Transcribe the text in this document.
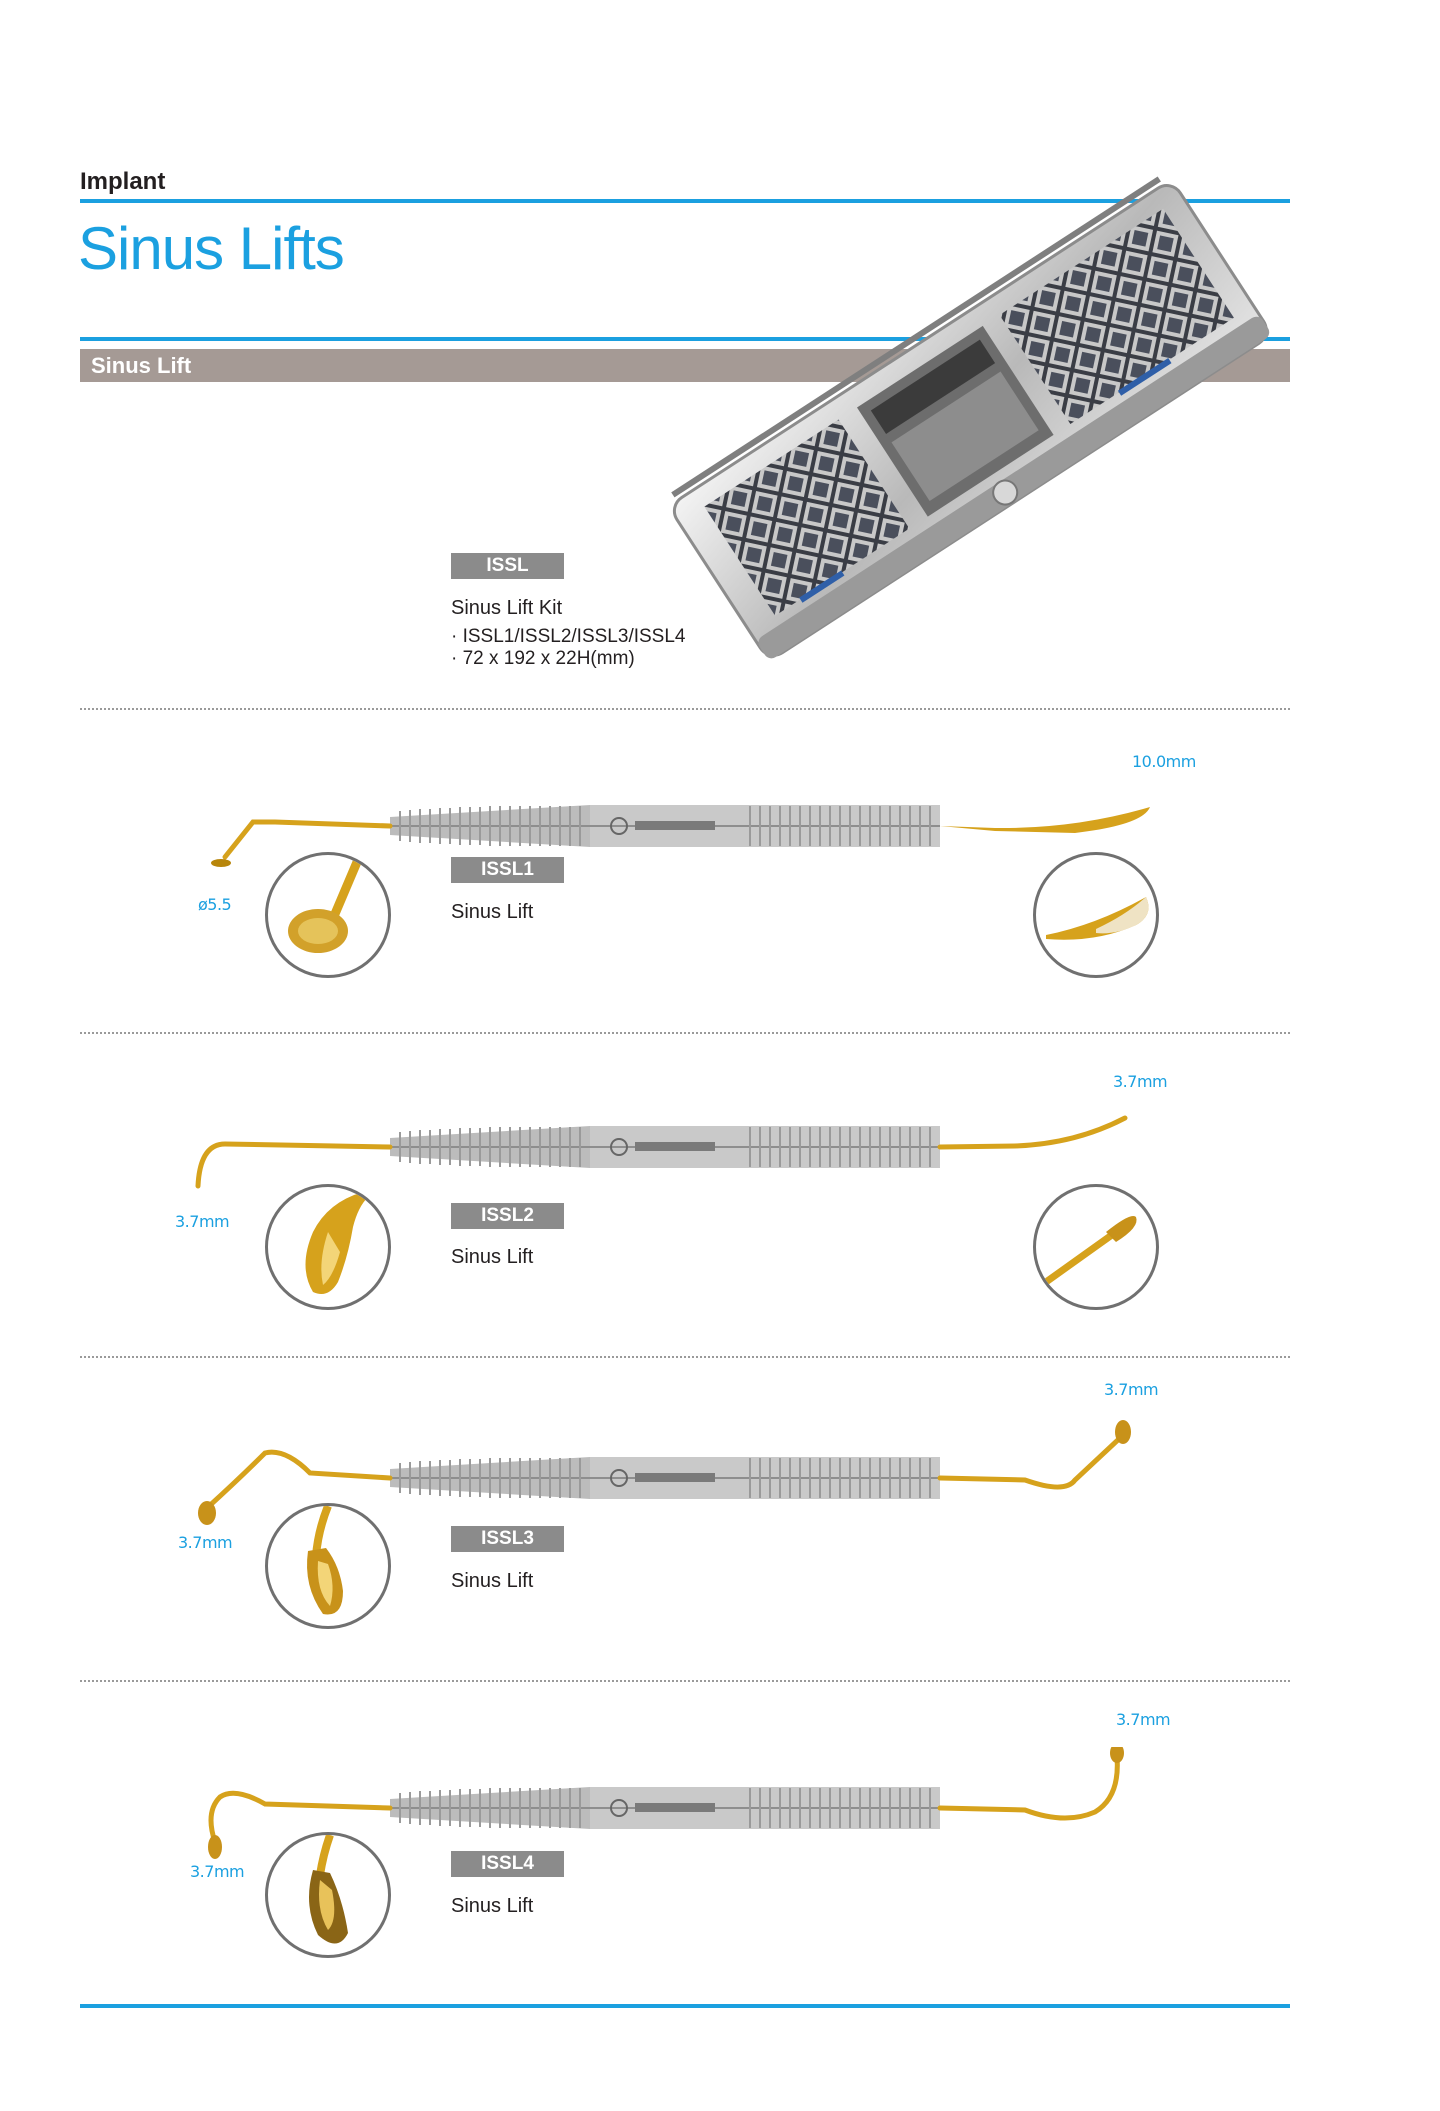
Implant
Sinus Lifts
Sinus Lift
ISSL
Sinus Lift Kit
· ISSL1/ISSL2/ISSL3/ISSL4
· 72 x 192 x 22H(mm)
ø5.5
10.0mm
ISSL1
Sinus Lift
3.7mm
3.7mm
ISSL2
Sinus Lift
3.7mm
3.7mm
ISSL3
Sinus Lift
3.7mm
3.7mm
ISSL4
Sinus Lift
